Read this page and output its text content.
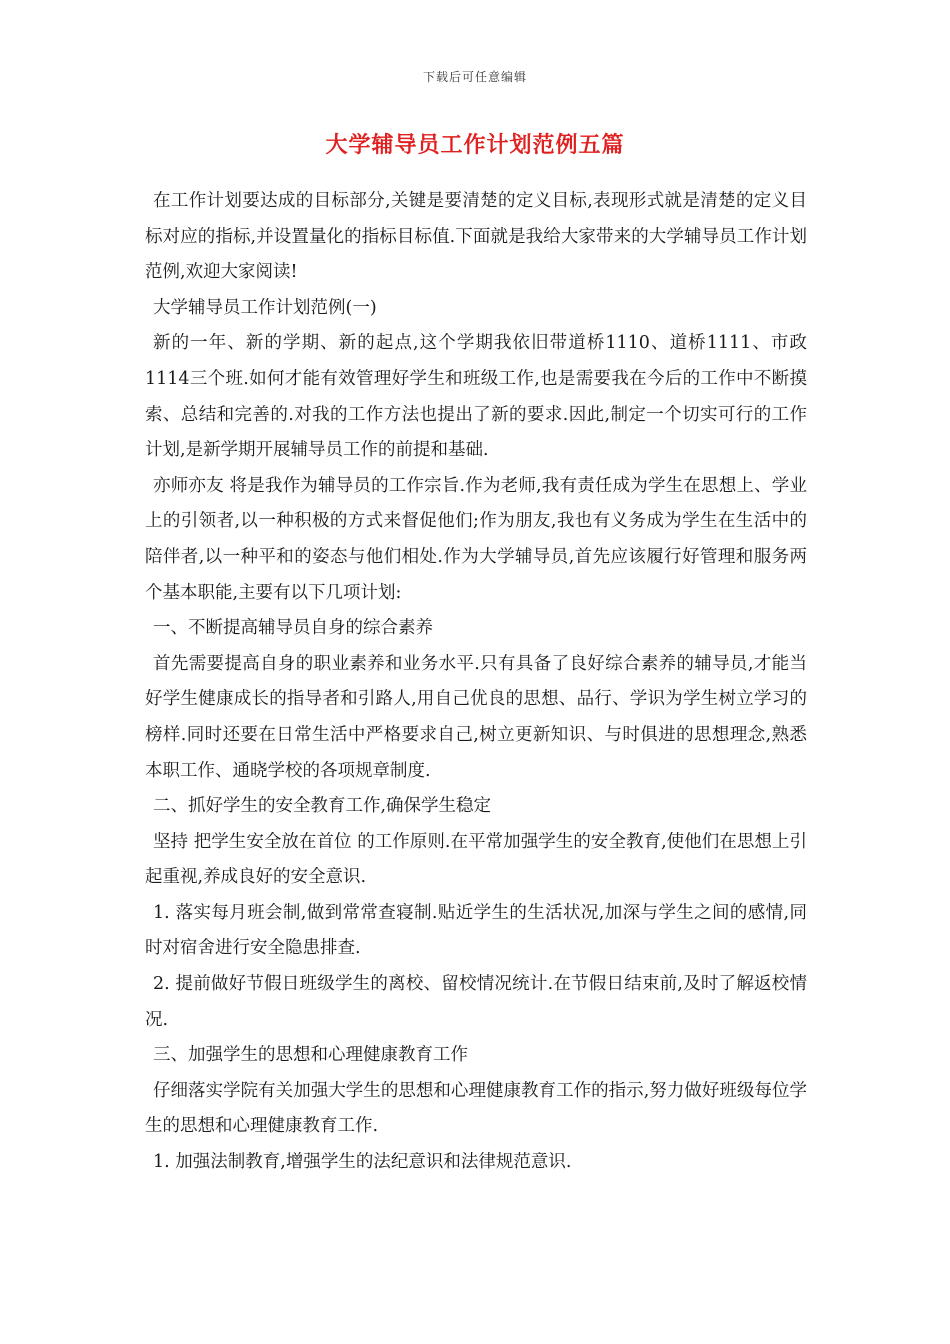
下载后可任意编辑
大学辅导员工作计划范例五篇

在工作计划要达成的目标部分,关键是要清楚的定义目标,表现形式就是清楚的定义目标对应的指标,并设置量化的指标目标值.下面就是我给大家带来的大学辅导员工作计划范例,欢迎大家阅读!

大学辅导员工作计划范例(一)

新的一年、新的学期、新的起点,这个学期我依旧带道桥1110、道桥1111、市政1114三个班.如何才能有效管理好学生和班级工作,也是需要我在今后的工作中不断摸索、总结和完善的.对我的工作方法也提出了新的要求.因此,制定一个切实可行的工作计划,是新学期开展辅导员工作的前提和基础.

亦师亦友 将是我作为辅导员的工作宗旨.作为老师,我有责任成为学生在思想上、学业上的引领者,以一种积极的方式来督促他们;作为朋友,我也有义务成为学生在生活中的陪伴者,以一种平和的姿态与他们相处.作为大学辅导员,首先应该履行好管理和服务两个基本职能,主要有以下几项计划:

一、不断提高辅导员自身的综合素养

首先需要提高自身的职业素养和业务水平.只有具备了良好综合素养的辅导员,才能当好学生健康成长的指导者和引路人,用自己优良的思想、品行、学识为学生树立学习的榜样.同时还要在日常生活中严格要求自己,树立更新知识、与时俱进的思想理念,熟悉本职工作、通晓学校的各项规章制度.

二、抓好学生的安全教育工作,确保学生稳定

坚持 把学生安全放在首位 的工作原则.在平常加强学生的安全教育,使他们在思想上引起重视,养成良好的安全意识.

1. 落实每月班会制,做到常常查寝制.贴近学生的生活状况,加深与学生之间的感情,同时对宿舍进行安全隐患排查.

2. 提前做好节假日班级学生的离校、留校情况统计.在节假日结束前,及时了解返校情况.

三、加强学生的思想和心理健康教育工作

仔细落实学院有关加强大学生的思想和心理健康教育工作的指示,努力做好班级每位学生的思想和心理健康教育工作.

1. 加强法制教育,增强学生的法纪意识和法律规范意识.
